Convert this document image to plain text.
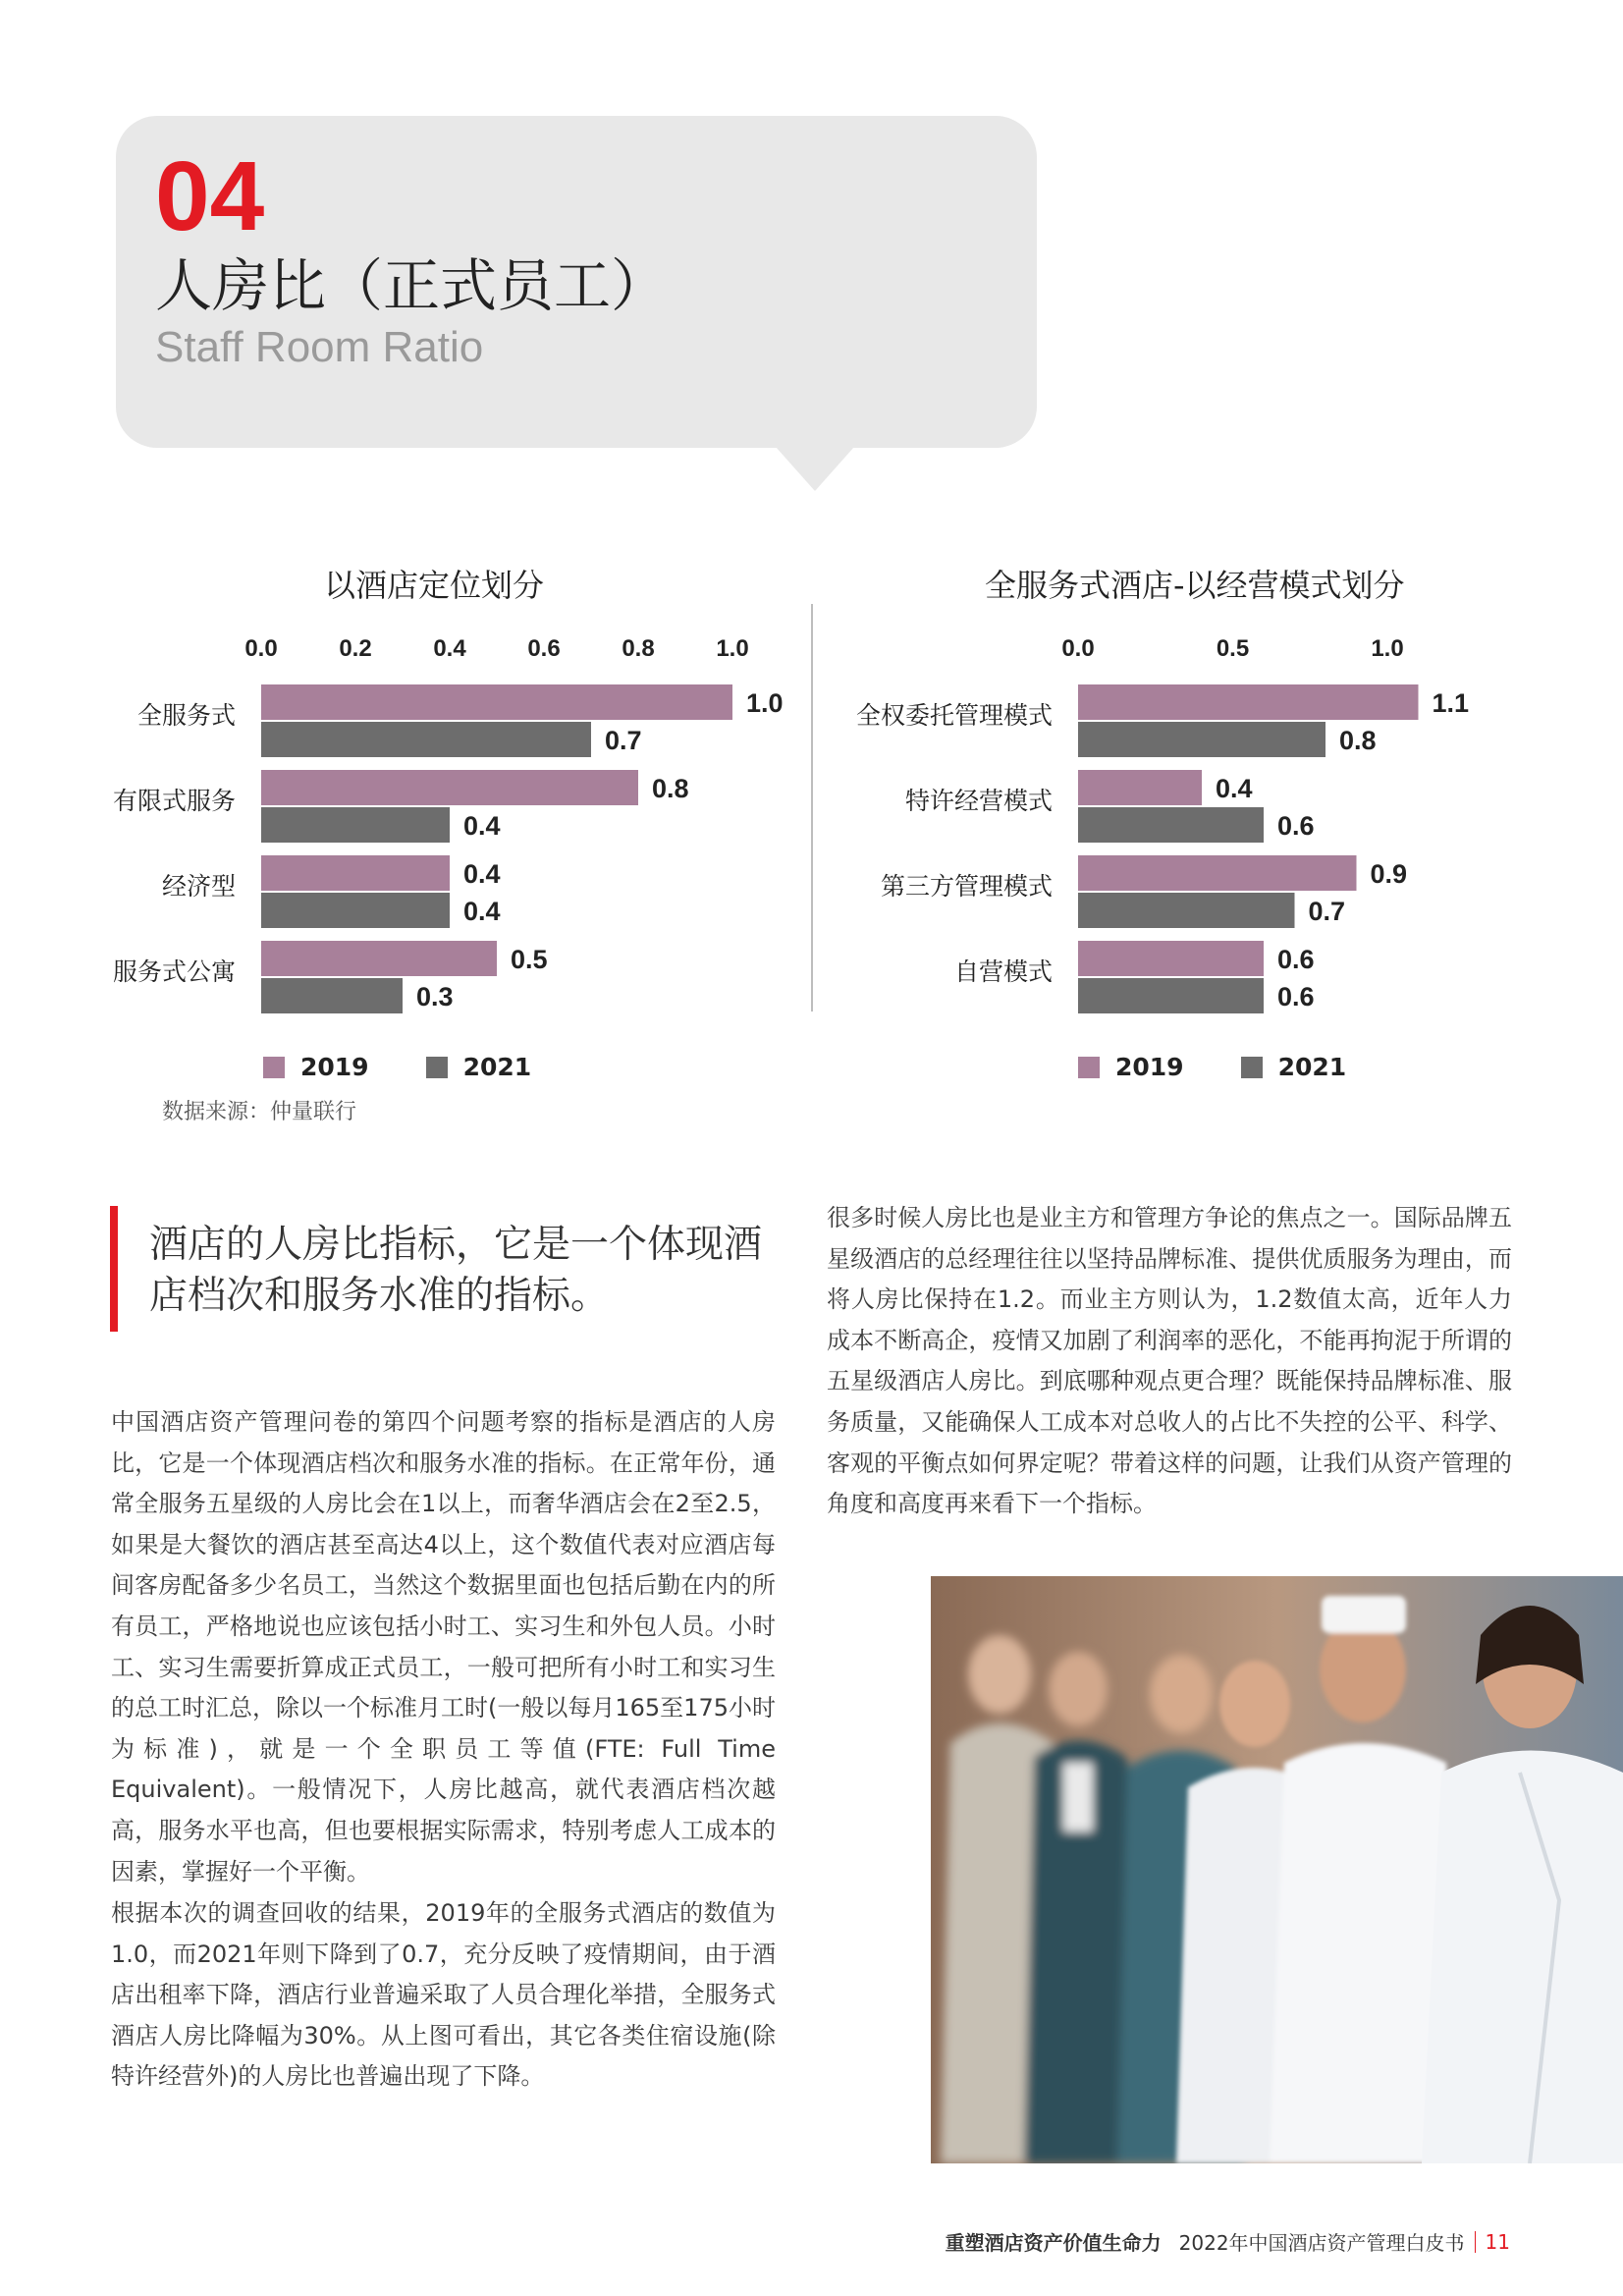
04
人房比（正式员工）
Staff Room Ratio
以酒店定位划分
0.0	0.2	0.4	0.6	0.8	1.0
全服务式	1.0
0.7
有限式服务	0.8
0.4
经济型	0.4
0.4
服务式公寓	0.5
0.3
2019	2021
全服务式酒店-以经营模式划分
0.0	0.5	1.0
全权委托管理模式	1.1
0.8
特许经营模式	0.4
0.6
第三方管理模式	0.9
0.7
自营模式	0.6
0.6
2019	2021
数据来源：仲量联行
酒店的人房比指标，它是一个体现酒店档次和服务水准的指标。

中国酒店资产管理问卷的第四个问题考察的指标是酒店的人房比，它是一个体现酒店档次和服务水准的指标。在正常年份，通常全服务五星级的人房比会在1以上，而奢华酒店会在2至2.5，如果是大餐饮的酒店甚至高达4以上，这个数值代表对应酒店每间客房配备多少名员工，当然这个数据里面也包括后勤在内的所有员工，严格地说也应该包括小时工、实习生和外包人员。小时工、实习生需要折算成正式员工，一般可把所有小时工和实习生的总工时汇总，除以一个标准月工时(一般以每月165至175小时为标准)，就是一个全职员工等值(FTE: Full Time Equivalent)。一般情况下，人房比越高，就代表酒店档次越高，服务水平也高，但也要根据实际需求，特别考虑人工成本的因素，掌握好一个平衡。

根据本次的调查回收的结果，2019年的全服务式酒店的数值为1.0，而2021年则下降到了0.7，充分反映了疫情期间，由于酒店出租率下降，酒店行业普遍采取了人员合理化举措，全服务式酒店人房比降幅为30%。从上图可看出，其它各类住宿设施(除特许经营外)的人房比也普遍出现了下降。

很多时候人房比也是业主方和管理方争论的焦点之一。国际品牌五星级酒店的总经理往往以坚持品牌标准、提供优质服务为理由，而将人房比保持在1.2。而业主方则认为，1.2数值太高，近年人力成本不断高企，疫情又加剧了利润率的恶化，不能再拘泥于所谓的五星级酒店人房比。到底哪种观点更合理？既能保持品牌标准、服务质量，又能确保人工成本对总收人的占比不失控的公平、科学、客观的平衡点如何界定呢？带着这样的问题，让我们从资产管理的角度和高度再来看下一个指标。

重塑酒店资产价值生命力 2022年中国酒店资产管理白皮书 11
